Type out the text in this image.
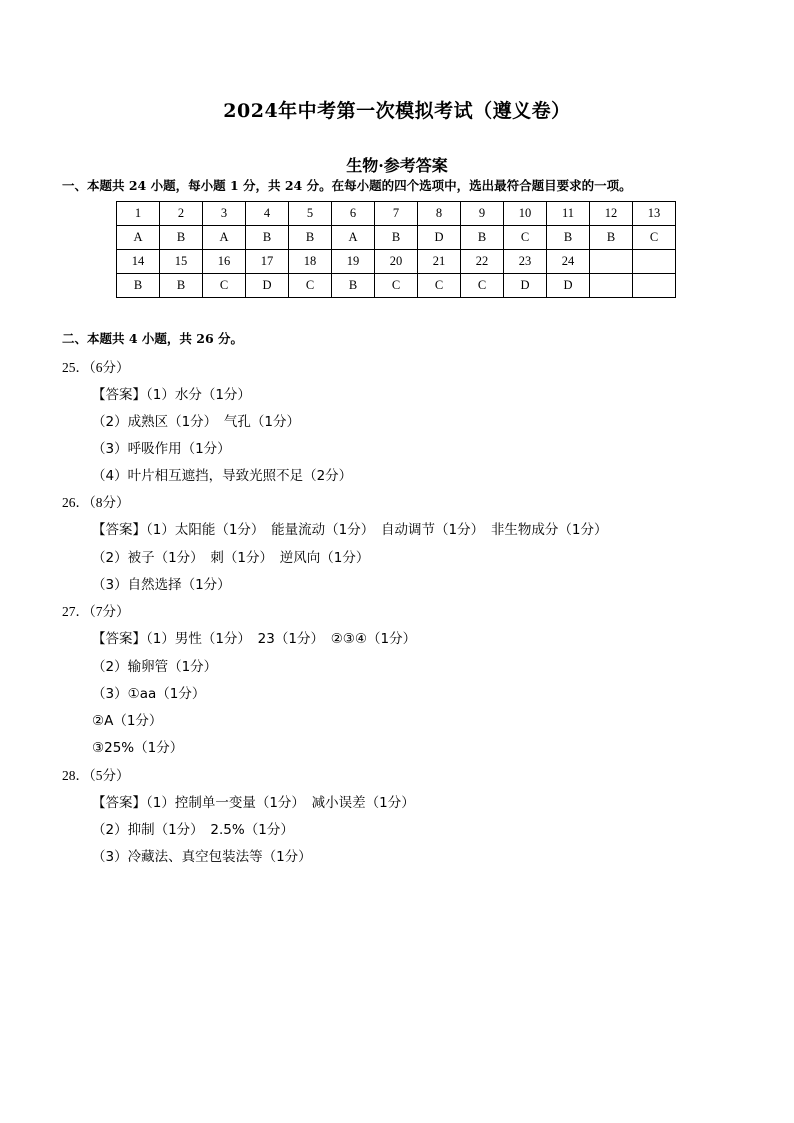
2024年中考第一次模拟考试（遵义卷）
生物·参考答案
一、本题共 24 小题，每小题 1 分，共 24 分。在每小题的四个选项中，选出最符合题目要求的一项。
1	2	3	4	5	6	7	8	9	10	11	12	13
A	B	A	B	B	A	B	D	B	C	B	B	C
14	15	16	17	18	19	20	21	22	23	24		
B	B	C	D	C	B	C	C	C	D	D		
二、本题共 4 小题，共 26 分。
25．（6分）
【答案】（1）水分（1分）
（2）成熟区（1分）　气孔（1分）
（3）呼吸作用（1分）
（4）叶片相互遮挡，导致光照不足（2分）
26．（8分）
【答案】（1）太阳能（1分）　能量流动（1分）　自动调节（1分）　非生物成分（1分）
（2）被子（1分）　刺（1分）　逆风向（1分）
（3）自然选择（1分）
27．（7分）
【答案】（1）男性（1分）　23（1分）　②③④（1分）
（2）输卵管（1分）
（3）①aa（1分）
②A（1分）
③25%（1分）
28．（5分）
【答案】（1）控制单一变量（1分）　减小误差（1分）
（2）抑制（1分）　2.5%（1分）
（3）冷藏法、真空包装法等（1分）
